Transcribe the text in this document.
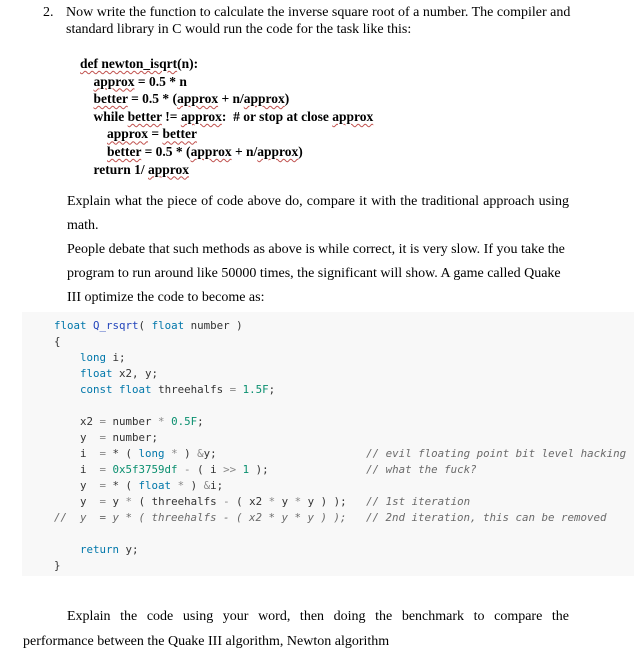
2. Now write the function to calculate the inverse square root of a number. The compiler and standard library in C would run the code for the task like this:
def newton_isqrt(n):
approx = 0.5 * n
better = 0.5 * (approx + n/approx)
while better != approx:  # or stop at close approx
approx = better
better = 0.5 * (approx + n/approx)
return 1/ approx
Explain what the piece of code above do, compare it with the traditional approach using math.
People debate that such methods as above is while correct, it is very slow. If you take the program to run around like 50000 times, the significant will show. A game called Quake III optimize the code to become as:
float Q_rsqrt( float number )
{
long i;
float x2, y;
const float threehalfs = 1.5F;

x2 = number * 0.5F;
y  = number;
i  = * ( long * ) &y;                       // evil floating point bit level hacking
i  = 0x5f3759df - ( i >> 1 );               // what the fuck?
y  = * ( float * ) &i;
y  = y * ( threehalfs - ( x2 * y * y ) );   // 1st iteration
//  y  = y * ( threehalfs - ( x2 * y * y ) );   // 2nd iteration, this can be removed

return y;
}
Explain the code using your word, then doing the benchmark to compare the
performance between the Quake III algorithm, Newton algorithm
